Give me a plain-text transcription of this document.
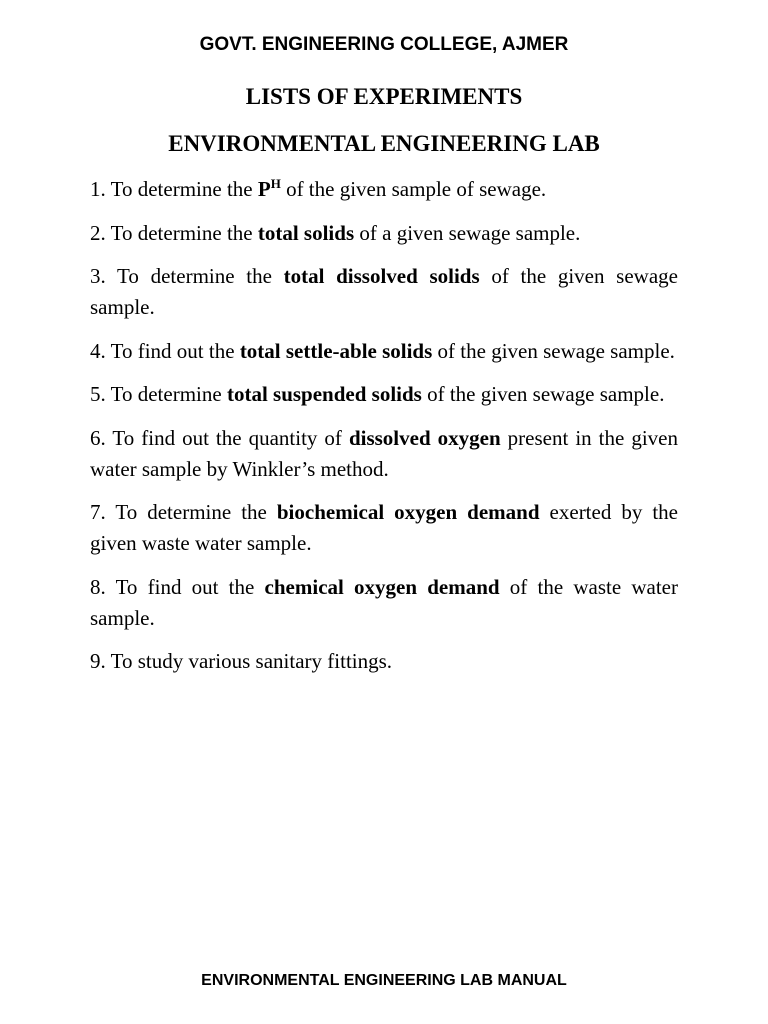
GOVT. ENGINEERING COLLEGE, AJMER
LISTS OF EXPERIMENTS
ENVIRONMENTAL ENGINEERING LAB

1. To determine the $P^H$ of the given sample of sewage.

2. To determine the total solids of a given sewage sample.

3. To determine the total dissolved solids of the given sewage sample.

4. To find out the total settle-able solids of the given sewage sample.

5. To determine total suspended solids of the given sewage sample.

6. To find out the quantity of dissolved oxygen present in the given water sample by Winkler’s method.

7. To determine the biochemical oxygen demand exerted by the given waste water sample.

8. To find out the chemical oxygen demand of the waste water sample.

9. To study various sanitary fittings.

ENVIRONMENTAL ENGINEERING LAB MANUAL
